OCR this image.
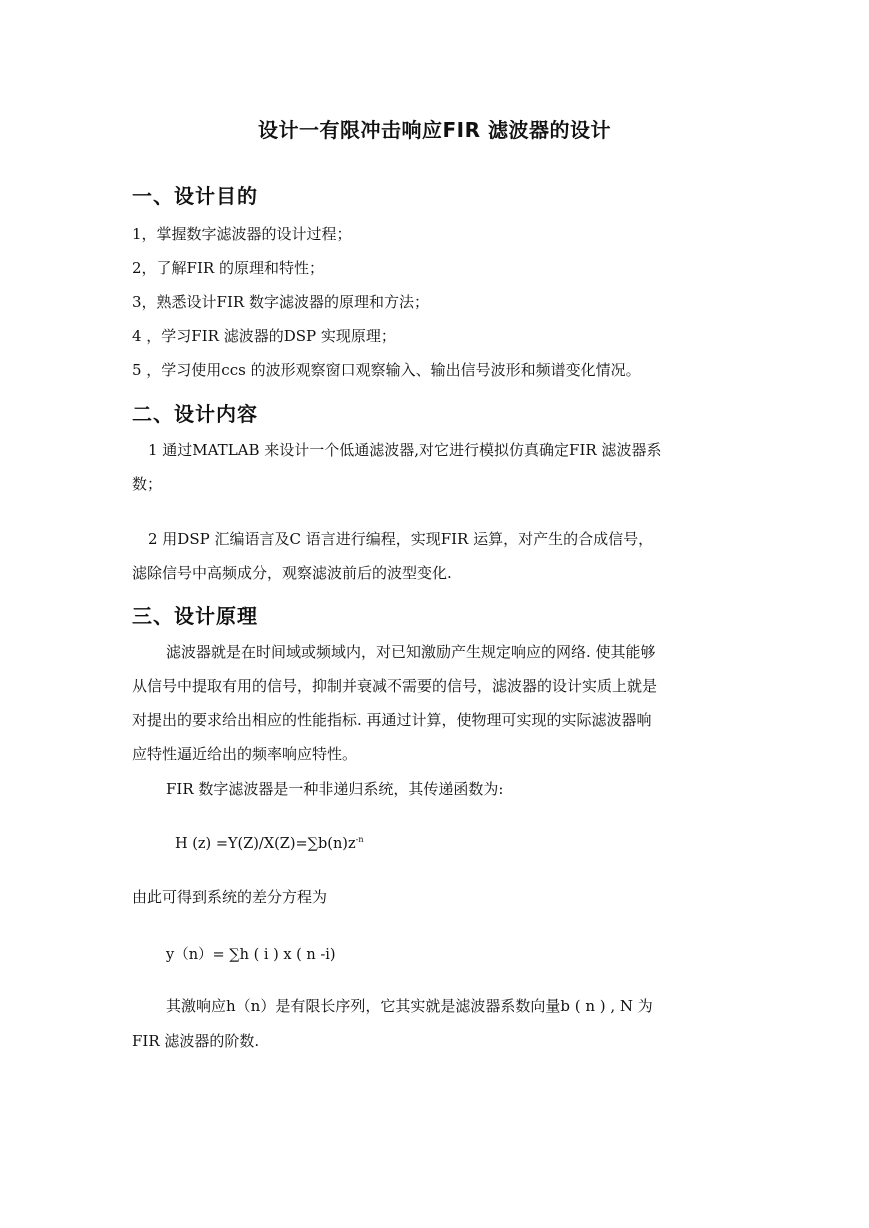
设计一有限冲击响应FIR 滤波器的设计
一、设计目的
1，掌握数字滤波器的设计过程；
2，了解FIR 的原理和特性；
3，熟悉设计FIR 数字滤波器的原理和方法；
4 ，学习FIR 滤波器的DSP 实现原理；
5 ，学习使用ccs 的波形观察窗口观察输入、输出信号波形和频谱变化情况。
二、设计内容
1 通过MATLAB 来设计一个低通滤波器,对它进行模拟仿真确定FIR 滤波器系
数；
2 用DSP 汇编语言及C 语言进行编程，实现FIR 运算，对产生的合成信号，
滤除信号中高频成分，观察滤波前后的波型变化.
三、设计原理
滤波器就是在时间域或频域内，对已知激励产生规定响应的网络. 使其能够
从信号中提取有用的信号，抑制并衰减不需要的信号，滤波器的设计实质上就是
对提出的要求给出相应的性能指标. 再通过计算，使物理可实现的实际滤波器响
应特性逼近给出的频率响应特性。
FIR 数字滤波器是一种非递归系统，其传递函数为:
H $(z) =Y(Z)/X(Z)=\sum b(n)z^{-n}$
由此可得到系统的差分方程为
y（n）= ∑h ( i ) x ( n -i)
其激响应h（n）是有限长序列，它其实就是滤波器系数向量b ( n ) , N 为
FIR 滤波器的阶数.
